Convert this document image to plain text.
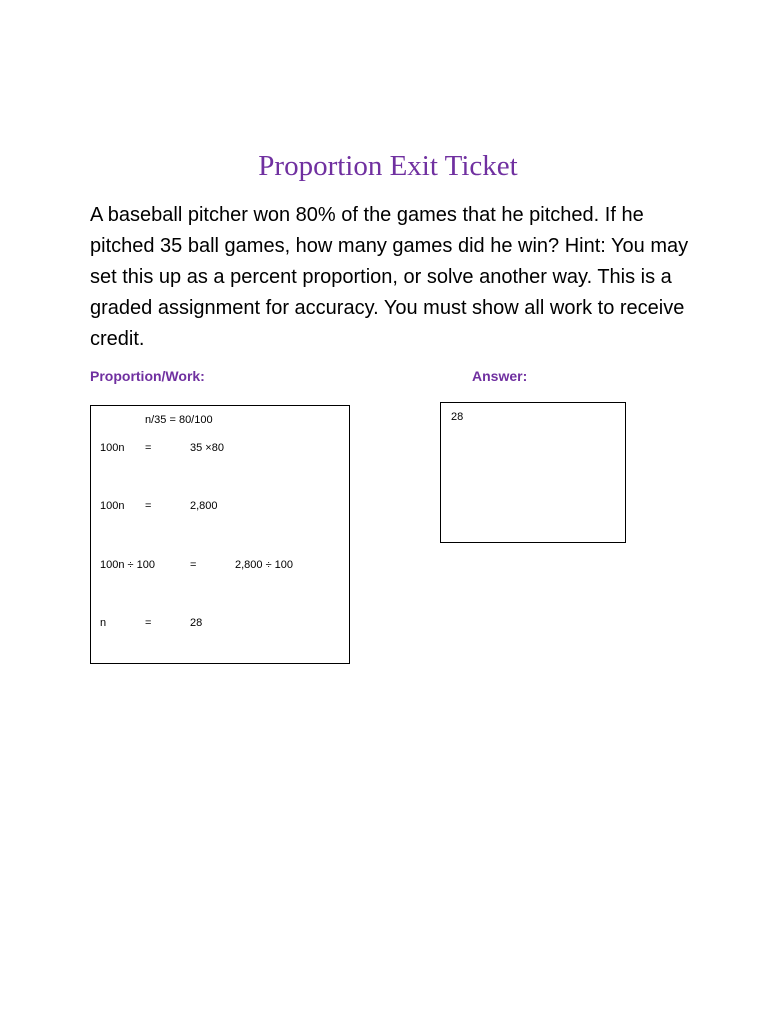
Proportion Exit Ticket

A baseball pitcher won 80% of the games that he pitched. If he pitched 35 ball games, how many games did he win? Hint: You may set this up as a percent proportion, or solve another way. This is a graded assignment for accuracy. You must show all work to receive credit.

Proportion/Work:	Answer:

n/35 = 80/100
100n =	35 ×80
100n =	2,800
100n ÷ 100	=	2,800 ÷ 100
n	=	28
28
